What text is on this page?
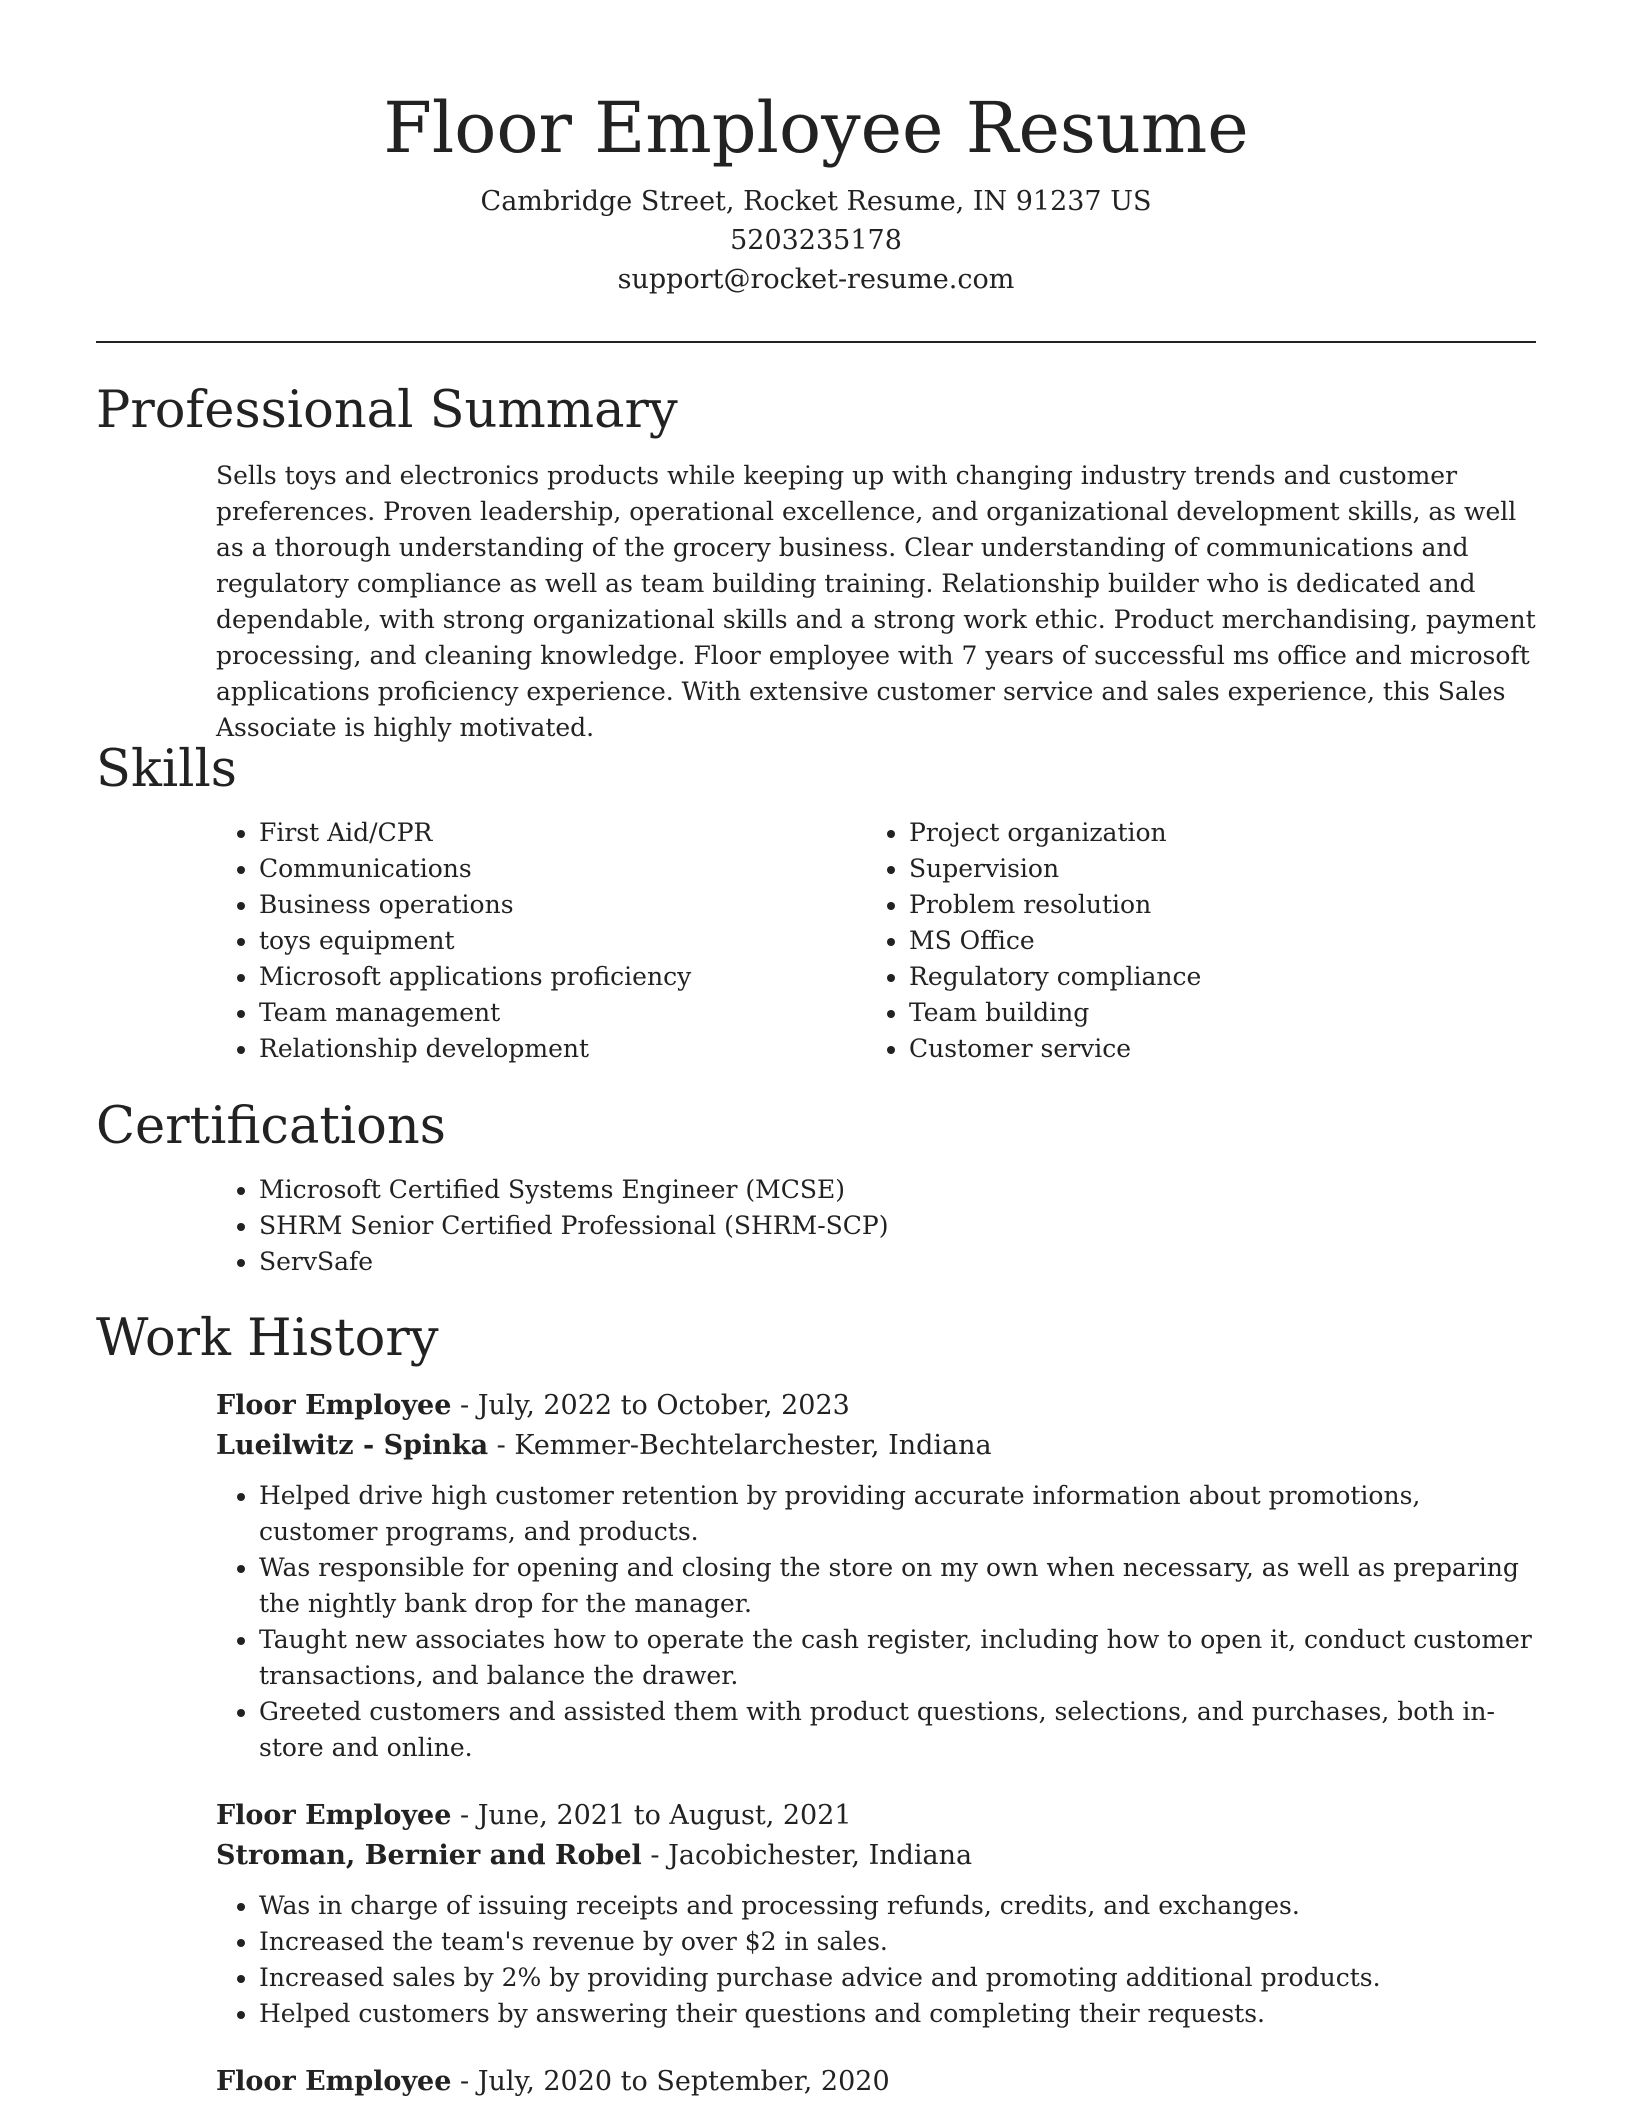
Floor Employee Resume
Cambridge Street, Rocket Resume, IN 91237 US
5203235178
support@rocket-resume.com
Professional Summary
Sells toys and electronics products while keeping up with changing industry trends and customer preferences. Proven leadership, operational excellence, and organizational development skills, as well as a thorough understanding of the grocery business. Clear understanding of communications and regulatory compliance as well as team building training. Relationship builder who is dedicated and dependable, with strong organizational skills and a strong work ethic. Product merchandising, payment processing, and cleaning knowledge. Floor employee with 7 years of successful ms office and microsoft applications proficiency experience. With extensive customer service and sales experience, this Sales Associate is highly motivated.
Skills
• First Aid/CPR
• Communications
• Business operations
• toys equipment
• Microsoft applications proficiency
• Team management
• Relationship development
• Project organization
• Supervision
• Problem resolution
• MS Office
• Regulatory compliance
• Team building
• Customer service
Certifications
• Microsoft Certified Systems Engineer (MCSE)
• SHRM Senior Certified Professional (SHRM-SCP)
• ServSafe
Work History
Floor Employee - July, 2022 to October, 2023
Lueilwitz - Spinka - Kemmer-Bechtelarchester, Indiana
• Helped drive high customer retention by providing accurate information about promotions, customer programs, and products.
• Was responsible for opening and closing the store on my own when necessary, as well as preparing the nightly bank drop for the manager.
• Taught new associates how to operate the cash register, including how to open it, conduct customer transactions, and balance the drawer.
• Greeted customers and assisted them with product questions, selections, and purchases, both in-store and online.
Floor Employee - June, 2021 to August, 2021
Stroman, Bernier and Robel - Jacobichester, Indiana
• Was in charge of issuing receipts and processing refunds, credits, and exchanges.
• Increased the team's revenue by over $2 in sales.
• Increased sales by 2% by providing purchase advice and promoting additional products.
• Helped customers by answering their questions and completing their requests.
Floor Employee - July, 2020 to September, 2020
